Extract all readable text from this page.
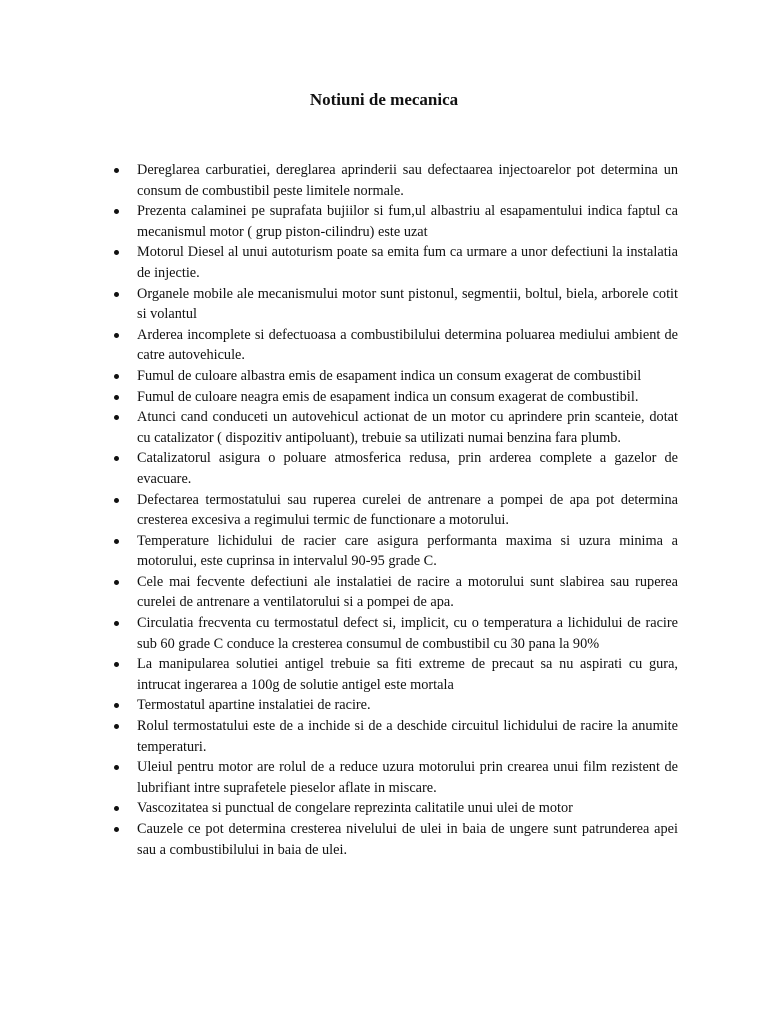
Notiuni de mecanica
Dereglarea carburatiei, dereglarea aprinderii sau defectaarea injectoarelor pot determina un consum de combustibil peste limitele normale.
Prezenta calaminei pe suprafata bujiilor si fum,ul albastriu al esapamentului indica faptul ca mecanismul motor ( grup piston-cilindru) este uzat
Motorul Diesel al unui autoturism poate sa emita fum ca urmare a unor defectiuni la instalatia de injectie.
Organele mobile ale mecanismului motor sunt pistonul, segmentii, boltul, biela, arborele cotit si volantul
Arderea incomplete si defectuoasa a combustibilului determina poluarea mediului ambient de catre autovehicule.
Fumul de culoare albastra emis de esapament indica un consum exagerat de combustibil
Fumul de culoare neagra emis de esapament indica un consum exagerat de combustibil.
Atunci cand conduceti un autovehicul actionat de un motor cu aprindere prin scanteie, dotat cu catalizator ( dispozitiv antipoluant), trebuie sa utilizati numai benzina fara plumb.
Catalizatorul asigura o poluare atmosferica redusa, prin arderea complete a gazelor de evacuare.
Defectarea termostatului sau ruperea curelei de antrenare a pompei de apa pot determina cresterea excesiva a regimului termic de functionare a motorului.
Temperature lichidului de racier care asigura performanta maxima si uzura minima a motorului, este cuprinsa in intervalul 90-95 grade C.
Cele mai fecvente defectiuni ale instalatiei de racire a motorului sunt slabirea sau ruperea curelei de antrenare a ventilatorului si a pompei de apa.
Circulatia frecventa cu termostatul defect si, implicit, cu o temperatura a lichidului de racire sub 60 grade C conduce la cresterea consumul de combustibil cu 30 pana la 90%
La manipularea solutiei antigel trebuie sa fiti extreme de precaut sa nu aspirati cu gura, intrucat ingerarea a 100g de solutie antigel este mortala
Termostatul apartine instalatiei de racire.
Rolul termostatului este de a inchide si de a deschide circuitul lichidului de racire la anumite temperaturi.
Uleiul pentru motor are rolul de a reduce uzura motorului prin crearea unui film rezistent de lubrifiant intre suprafetele pieselor aflate in miscare.
Vascozitatea si punctual de congelare reprezinta calitatile unui ulei de motor
Cauzele ce pot determina cresterea nivelului de ulei in baia de ungere sunt patrunderea apei sau a combustibilului in baia de ulei.
